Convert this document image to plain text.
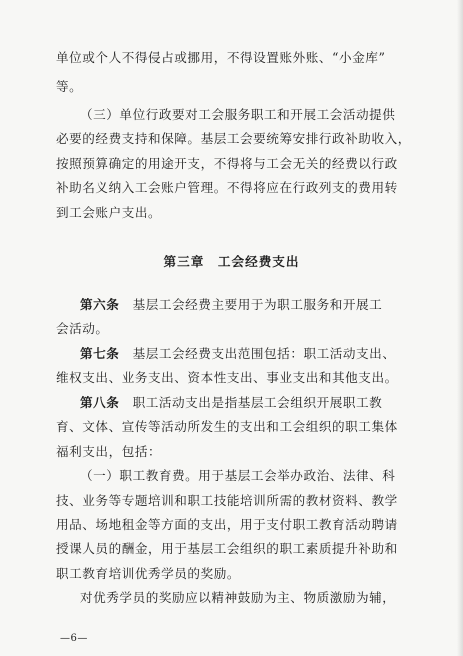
单位或个人不得侵占或挪用，不得设置账外账、“小金库”
等。
（三）单位行政要对工会服务职工和开展工会活动提供
必要的经费支持和保障。基层工会要统筹安排行政补助收入，
按照预算确定的用途开支，不得将与工会无关的经费以行政
补助名义纳入工会账户管理。不得将应在行政列支的费用转
到工会账户支出。
第三章　工会经费支出
第六条　 基层工会经费主要用于为职工服务和开展工
会活动。
第七条　 基层工会经费支出范围包括：职工活动支出、
维权支出、业务支出、资本性支出、事业支出和其他支出。
第八条　 职工活动支出是指基层工会组织开展职工教
育、文体、宣传等活动所发生的支出和工会组织的职工集体
福利支出，包括：
（一）职工教育费。用于基层工会举办政治、法律、科
技、业务等专题培训和职工技能培训所需的教材资料、教学
用品、场地租金等方面的支出，用于支付职工教育活动聘请
授课人员的酬金，用于基层工会组织的职工素质提升补助和
职工教育培训优秀学员的奖励。
对优秀学员的奖励应以精神鼓励为主、物质激励为辅，
—6—
